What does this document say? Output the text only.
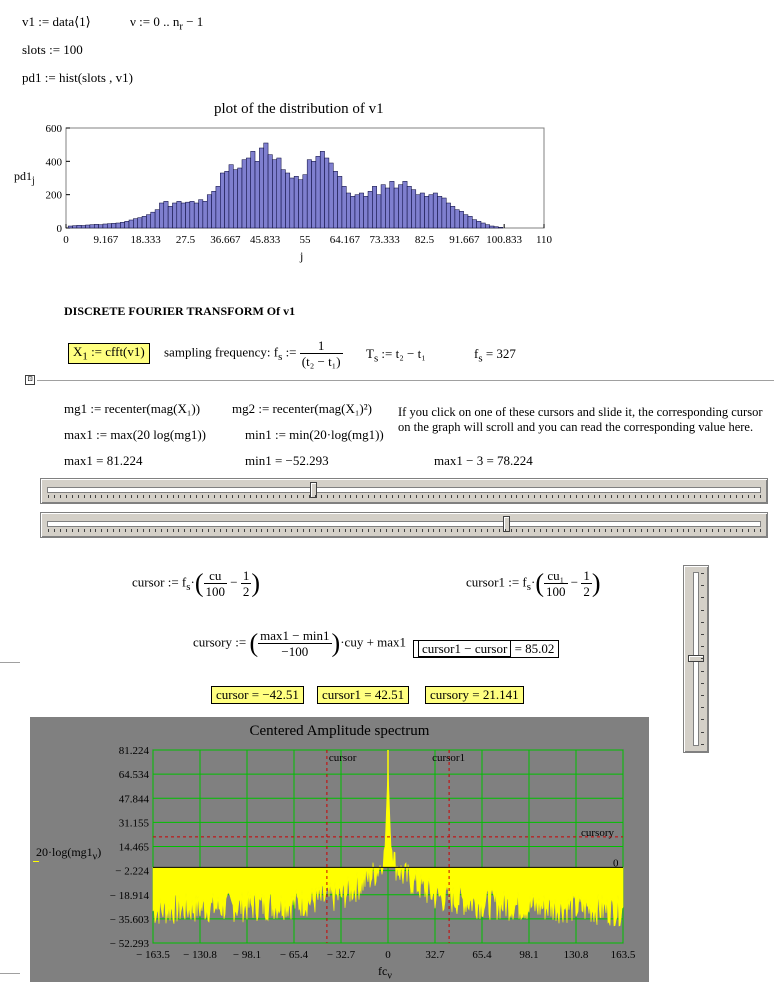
v1 := data⟨1⟩	ν := 0 .. $n_r - 1$
slots := 100
pd1 := hist(slots , v1)
plot of the distribution of v1
$pd1_j$
0
200
400
600
0 9.167 18.333 27.5 36.667 45.833 55 64.167 73.333 82.5 91.667 100.833 110
j
DISCRETE FOURIER TRANSFORM Of v1
$X_1$ := cfft(v1)	sampling frequency: $f_s$ := $\frac{1}{\text{(t₂ − t₁)}} T_s$ := t₂ − t₁	$f_s = 327$
⊡
mg1 := recenter(mag(X₁)) mg2 := recenter(mag(X₁)²) If you click on one of these cursors and slide it, the corresponding cursor on the graph will scroll and you can read the corresponding value here.
max1 := max(20 log(mg1))	min1 := min(20·log(mg1))
max1 = 81.224	min1 = −52.293	max1 − 3 = 78.224
cursor := $f_s\cdot( \frac{cu}{100} - \frac{1}{2}$ )	cursor1 := $f_s\cdot( \frac{\text{cu₁}}{100} - \frac{1}{2}$ )
cursory := ( $\frac{\max 1 - \min 1}{-100} )\cdot cuy + \max 1$	cursor1 − cursor = 85.02
cursor = −42.51	cursor1 = 42.51	cursory = 21.141
81.224
64.534
47.844
31.155
14.465
− 2.224
− 18.914
− 35.603
− 52.293
− 163.5 − 130.8 − 98.1 − 65.4 − 32.7	0	32.7	65.4	98.1 130.8 163.5
0
cursor	cursor1
cursory
Centered Amplitude spectrum
$20\cdot\log(mg1_\nu)$
$fc_\nu$
